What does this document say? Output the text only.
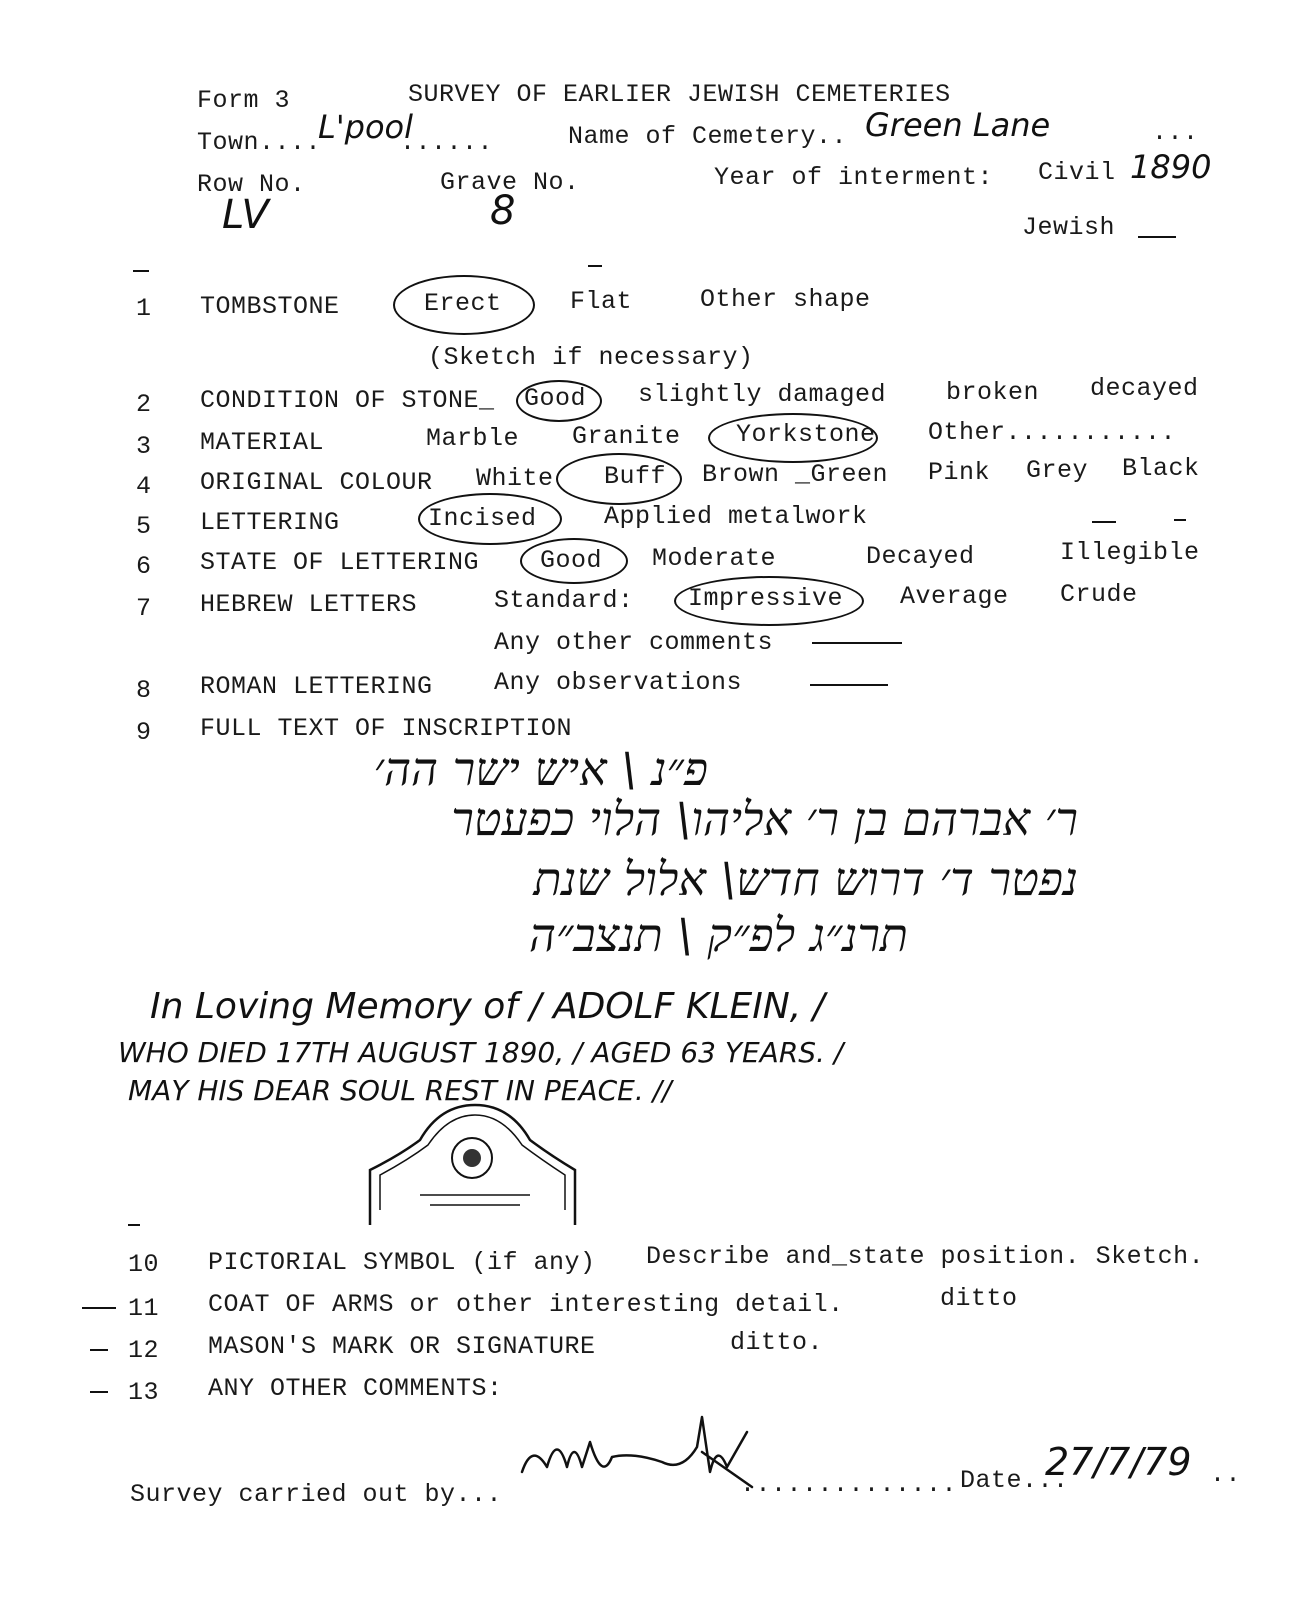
Form 3	SURVEY OF EARLIER JEWISH CEMETERIES
Town....
L'pool
......	Name of Cemetery.. Green Lane	...
Row No.	Grave No.	Year of interment: Civil 1890
LV	8	Jewish
1 TOMBSTONE	Erect	Flat	Other shape
(Sketch if necessary)
2 CONDITION OF STONE_ Good slightly damaged broken decayed
3 MATERIAL	Marble Granite Yorkstone Other...........
4 ORIGINAL COLOUR White Buff Brown _Green Pink Grey Black
5 LETTERING	Incised	Applied metalwork
6 STATE OF LETTERING Good Moderate	Decayed	Illegible
7 HEBREW LETTERS	Standard: Impressive Average Crude
Any other comments
8 ROMAN LETTERING Any observations
9 FULL TEXT OF INSCRIPTION
פ״נ \ איש ישר הה׳
ר׳ אברהם בן ר׳ אליהו\ הלוי כפעטר
נפטר ד׳ דרוש חדש\ אלול שנת
תרנ״ג לפ״ק \ תנצב״ה
In Loving Memory of / ADOLF KLEIN, /
WHO DIED 17TH AUGUST 1890, / AGED 63 YEARS. /
MAY HIS DEAR SOUL REST IN PEACE. //
10 PICTORIAL SYMBOL (if any) Describe and_state position. Sketch.
11 COAT OF ARMS or other interesting detail.	ditto
12 MASON'S MARK OR SIGNATURE	ditto.
13 ANY OTHER COMMENTS:
Survey carried out by...	.............. Date...
27/7/79 ..
